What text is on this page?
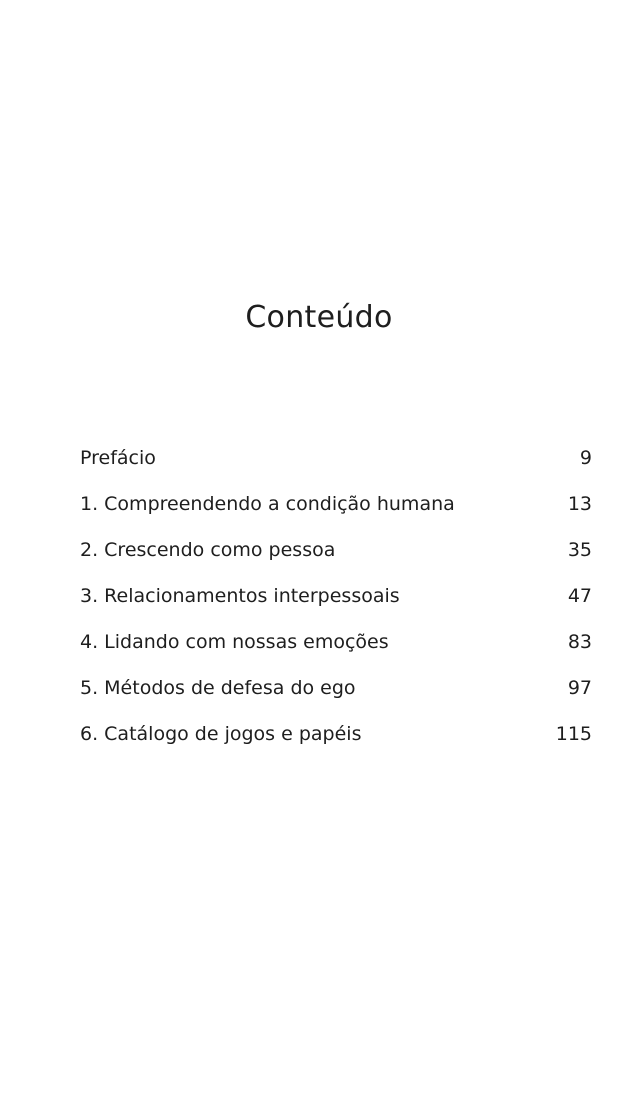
Conteúdo
Prefácio	9
1. Compreendendo a condição humana	13
2. Crescendo como pessoa	35
3. Relacionamentos interpessoais	47
4. Lidando com nossas emoções	83
5. Métodos de defesa do ego	97
6. Catálogo de jogos e papéis	115
